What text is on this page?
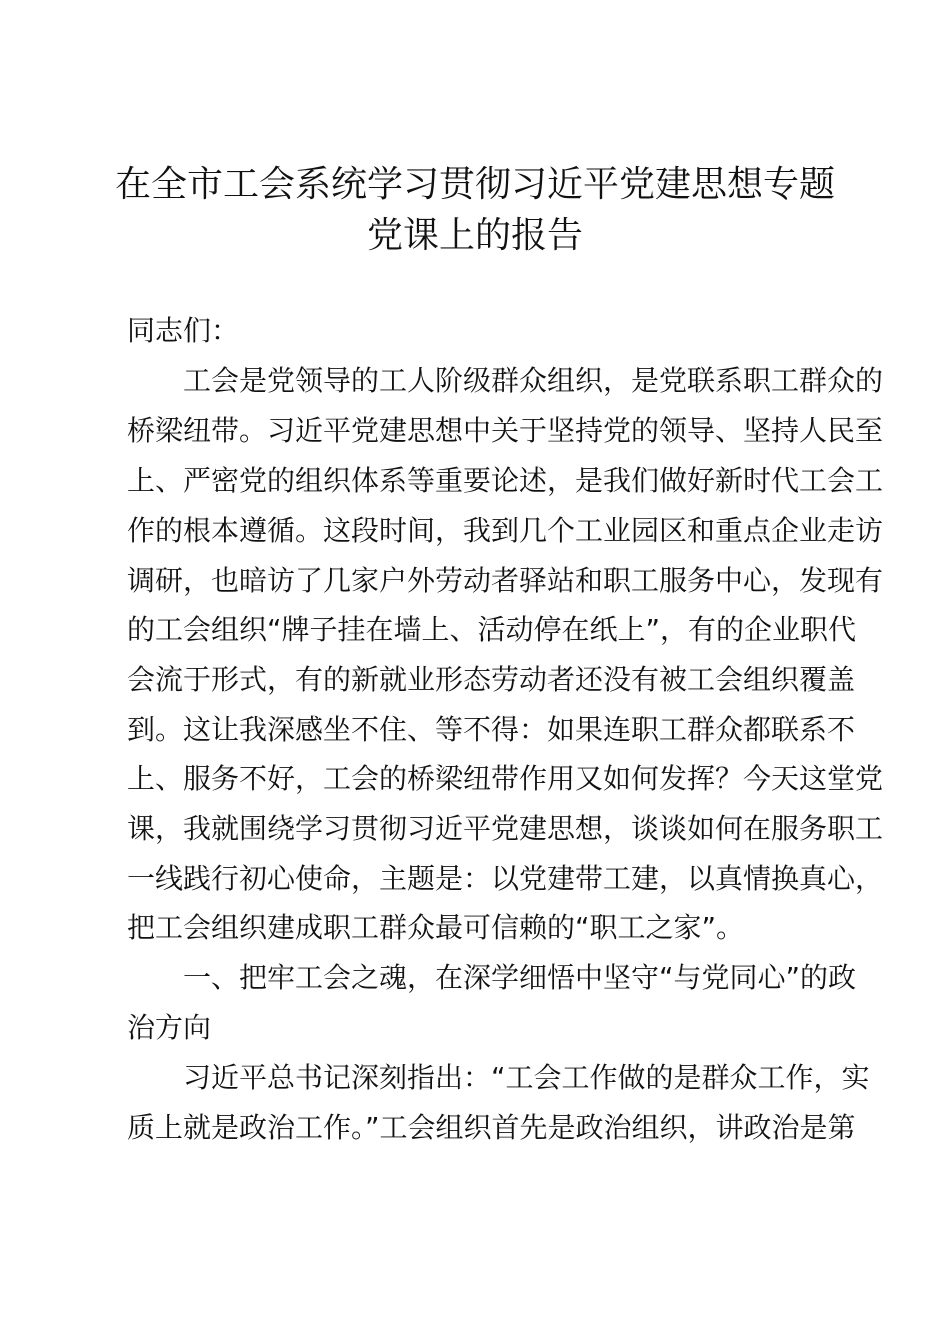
在全市工会系统学习贯彻习近平党建思想专题
党课上的报告

同志们：

工会是党领导的工人阶级群众组织，是党联系职工群众的

桥梁纽带。习近平党建思想中关于坚持党的领导、坚持人民至

上、严密党的组织体系等重要论述，是我们做好新时代工会工

作的根本遵循。这段时间，我到几个工业园区和重点企业走访

调研，也暗访了几家户外劳动者驿站和职工服务中心，发现有

的工会组织“牌子挂在墙上、活动停在纸上”，有的企业职代

会流于形式，有的新就业形态劳动者还没有被工会组织覆盖

到。这让我深感坐不住、等不得：如果连职工群众都联系不

上、服务不好，工会的桥梁纽带作用又如何发挥？今天这堂党

课，我就围绕学习贯彻习近平党建思想，谈谈如何在服务职工

一线践行初心使命，主题是：以党建带工建，以真情换真心，

把工会组织建成职工群众最可信赖的“职工之家”。

一、把牢工会之魂，在深学细悟中坚守“与党同心”的政

治方向

习近平总书记深刻指出：“工会工作做的是群众工作，实

质上就是政治工作。”工会组织首先是政治组织，讲政治是第
